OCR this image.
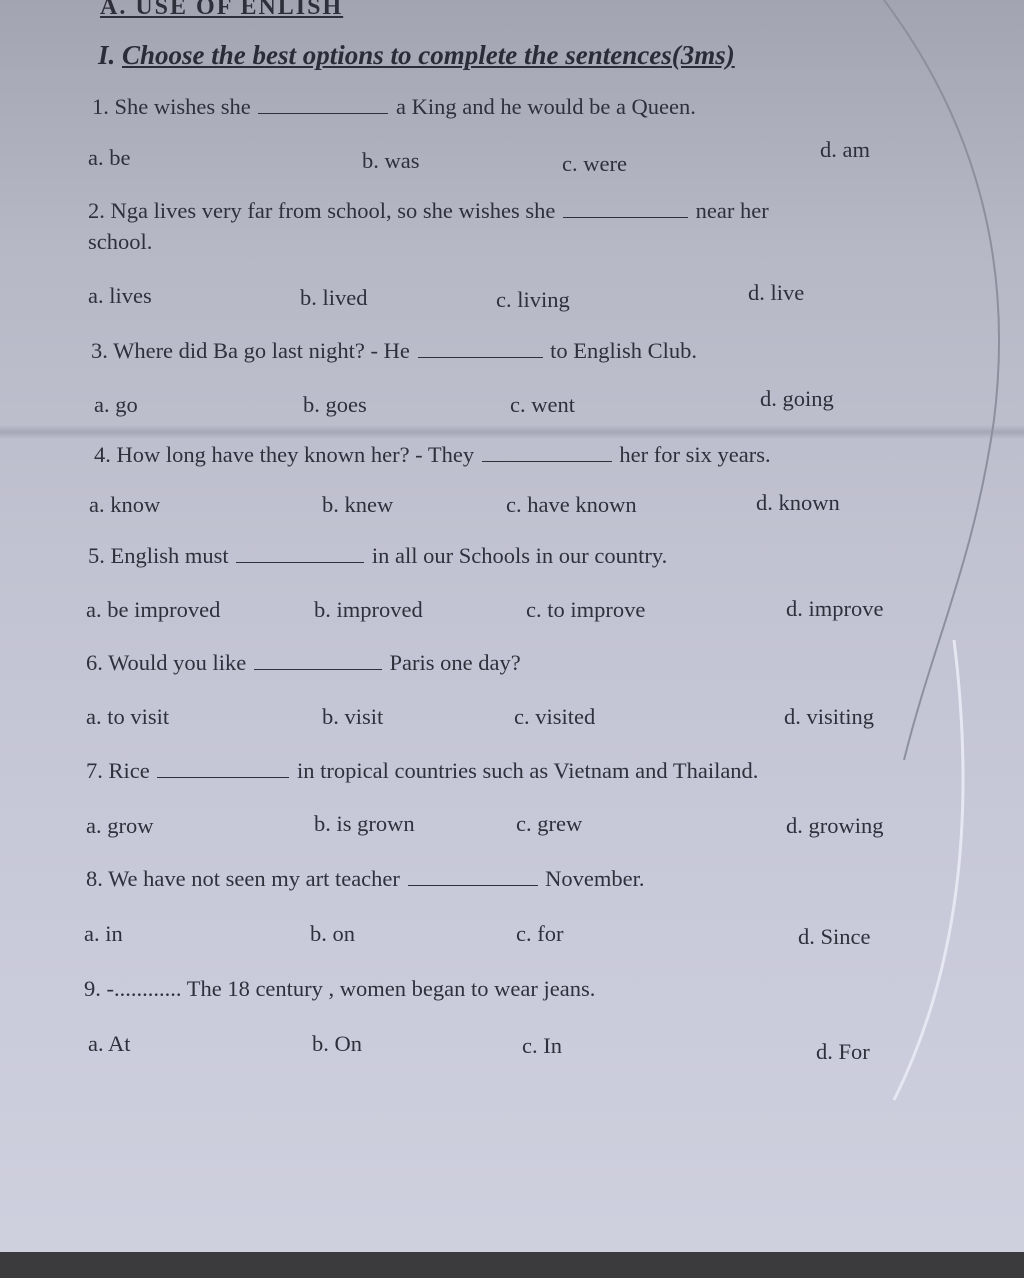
A. USE OF ENLISH
I. Choose the best options to complete the sentences(3ms)
1. She wishes she	a King and he would be a Queen.
a. be	b. was	c. were
d. am
2. Nga lives very far from school, so she wishes she	near her
school.
a. lives	b. lived	c. living	d. live
3. Where did Ba go last night? - He	to English Club.
a. go	b. goes	c. went	d. going
4. How long have they known her? - They	her for six years.
a. know	b. knew	c. have known	d. known
5. English must	in all our Schools in our country.
a. be improved	b. improved	c. to improve	d. improve
6. Would you like	Paris one day?
a. to visit	b. visit	c. visited	d. visiting
7. Rice	in tropical countries such as Vietnam and Thailand.
a. grow	b. is grown	c. grew	d. growing
8. We have not seen my art teacher	November.
a. in	b. on	c. for	d. Since
9. -............ The 18 century , women began to wear jeans.
a. At	b. On	c. In	d. For
